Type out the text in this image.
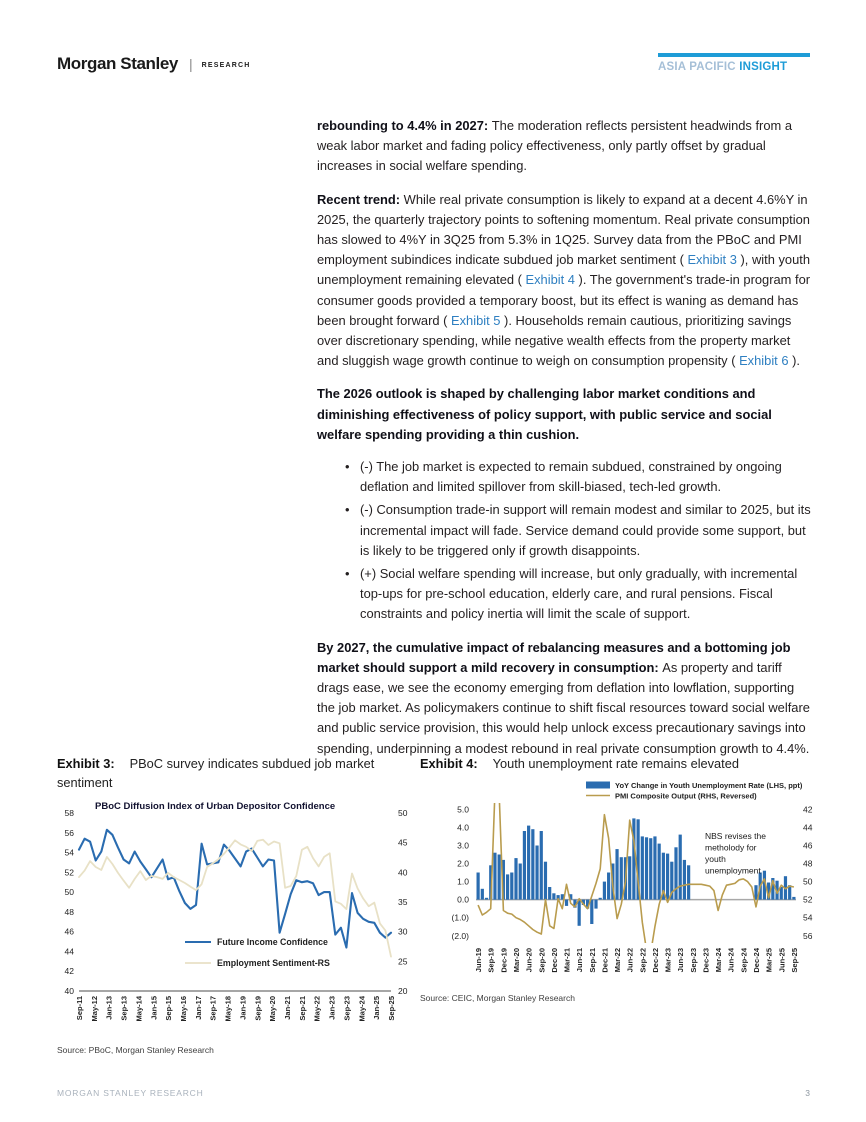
Morgan Stanley | RESEARCH	ASIA PACIFIC INSIGHT

rebounding to 4.4% in 2027: The moderation reflects persistent headwinds from a weak labor market and fading policy effectiveness, only partly offset by gradual increases in social welfare spending.

Recent trend: While real private consumption is likely to expand at a decent 4.6%Y in 2025, the quarterly trajectory points to softening momentum. Real private consumption has slowed to 4%Y in 3Q25 from 5.3% in 1Q25. Survey data from the PBoC and PMI employment subindices indicate subdued job market sentiment ( Exhibit 3 ), with youth unemployment remaining elevated ( Exhibit 4 ). The government's trade-in program for consumer goods provided a temporary boost, but its effect is waning as demand has been brought forward ( Exhibit 5 ). Households remain cautious, prioritizing savings over discretionary spending, while negative wealth effects from the property market and sluggish wage growth continue to weigh on consumption propensity ( Exhibit 6 ).

The 2026 outlook is shaped by challenging labor market conditions and diminishing effectiveness of policy support, with public service and social welfare spending providing a thin cushion.

• (-) The job market is expected to remain subdued, constrained by ongoing deflation and limited spillover from skill-biased, tech-led growth.
• (-) Consumption trade-in support will remain modest and similar to 2025, but its incremental impact will fade. Service demand could provide some support, but is likely to be triggered only if growth disappoints.
• (+) Social welfare spending will increase, but only gradually, with incremental top-ups for pre-school education, elderly care, and rural pensions. Fiscal constraints and policy inertia will limit the scale of support.

By 2027, the cumulative impact of rebalancing measures and a bottoming job market should support a mild recovery in consumption: As property and tariff drags ease, we see the economy emerging from deflation into lowflation, supporting the job market. As policymakers continue to shift fiscal resources toward social welfare and public service provision, this would help unlock excess precautionary savings into spending, underpinning a modest rebound in real private consumption growth to 4.4%.

Exhibit 3: PBoC survey indicates subdued job market sentiment
PBoC Diffusion Index of Urban Depositor Confidence
58
56
54
52
50
48
46
44
42
40
50
45
40
35
30
25
20
Sep-11 May-12 Jan-13 Sep-13 May-14 Jan-15 Sep-15 May-16 Jan-17 Sep-17 May-18 Jan-19 Sep-19 May-20 Jan-21 Sep-21 May-22 Jan-23 Sep-23 May-24 Jan-25 Sep-25
Future Income Confidence
Employment Sentiment-RS
Source: PBoC, Morgan Stanley Research
Exhibit 4: Youth unemployment rate remains elevated
YoY Change in Youth Unemployment Rate (LHS, ppt)
PMI Composite Output (RHS, Reversed)
5.0
4.0
3.0
2.0
1.0
0.0
(1.0)
(2.0)
42
44
46
48
50
52
54
56
NBS revises the
metholody for
youth
unemployment
Jun-19 Sep-19 Dec-19 Mar-20 Jun-20 Sep-20 Dec-20 Mar-21 Jun-21 Sep-21 Dec-21 Mar-22 Jun-22 Sep-22 Dec-22 Mar-23 Jun-23 Sep-23 Dec-23 Mar-24 Jun-24 Sep-24 Dec-24 Mar-25 Jun-25 Sep-25
Source: CEIC, Morgan Stanley Research
MORGAN STANLEY RESEARCH	3
